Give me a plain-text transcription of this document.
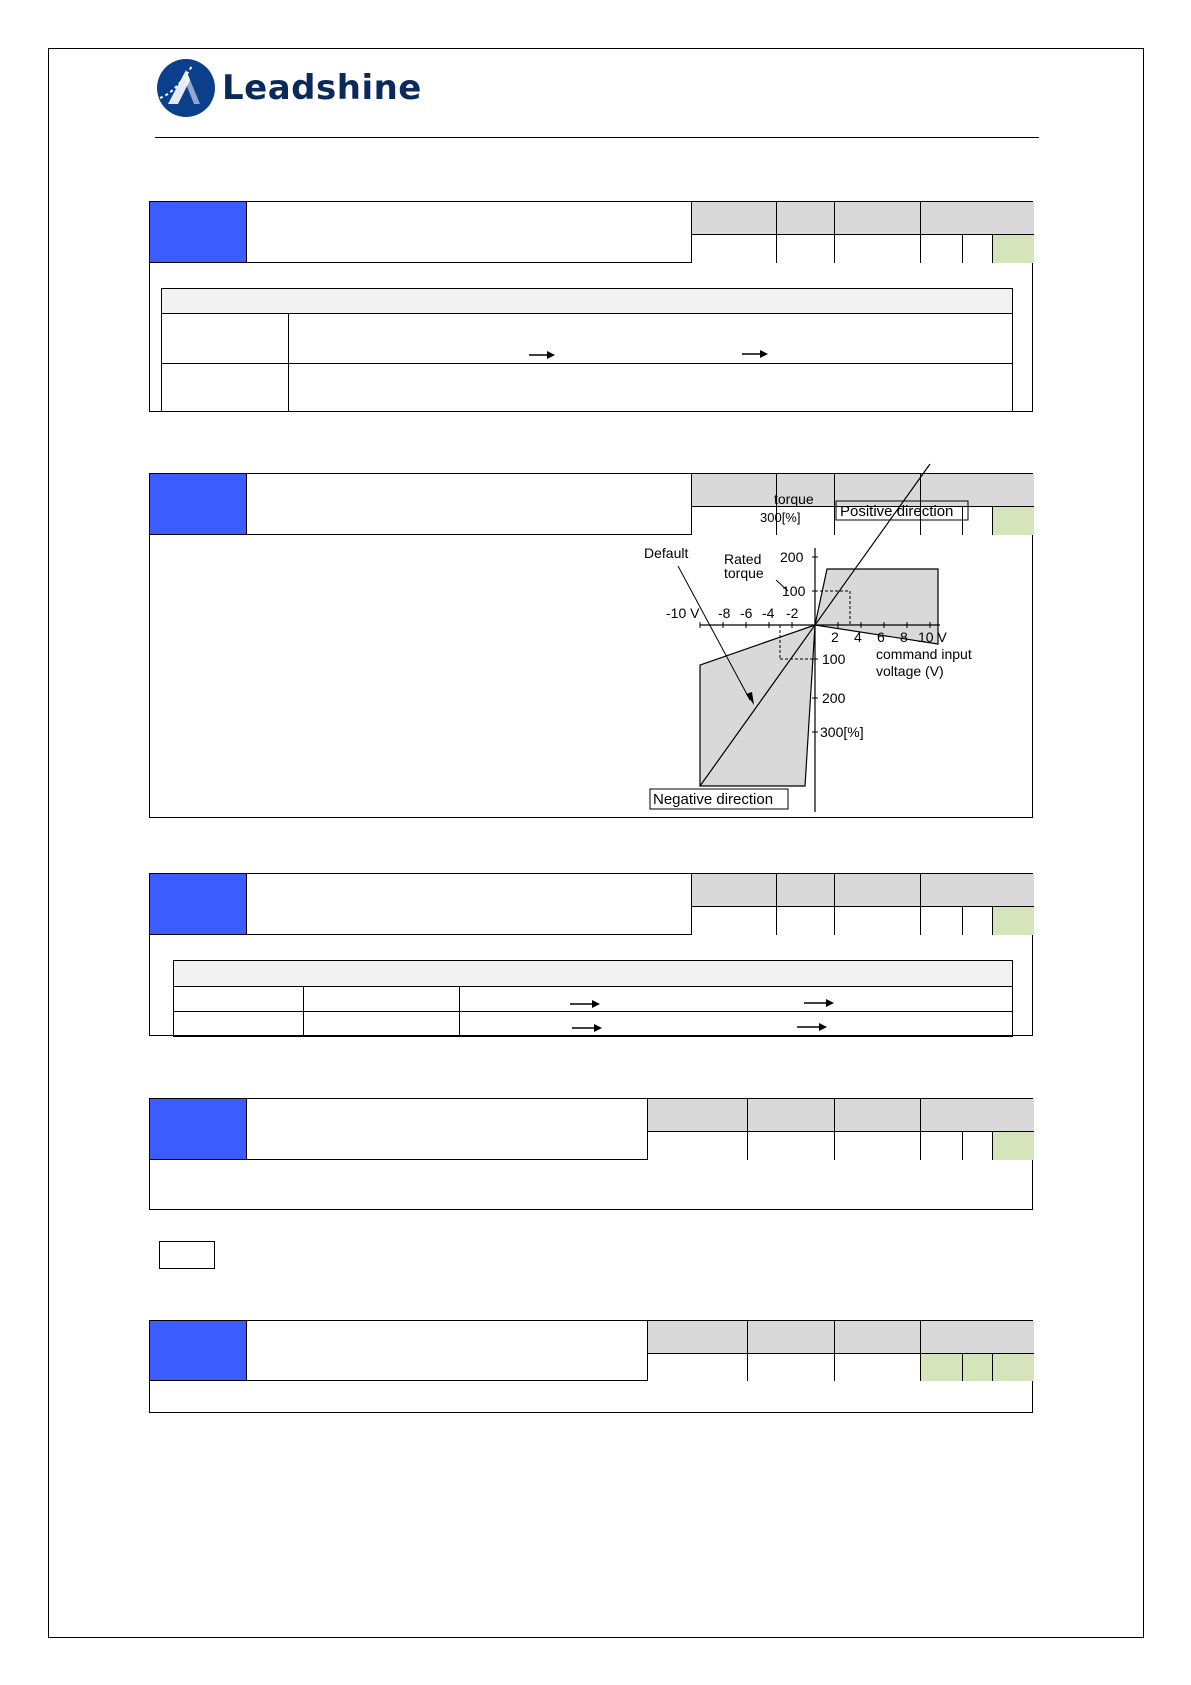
Leadshine
Positive direction
torque
300[%]
Default	Rated
torque
200
100
-10 V -8 -6 -4 -2
2 4 6 8 10 V
command input
voltage (V)
100
200
300[%]
Negative direction
